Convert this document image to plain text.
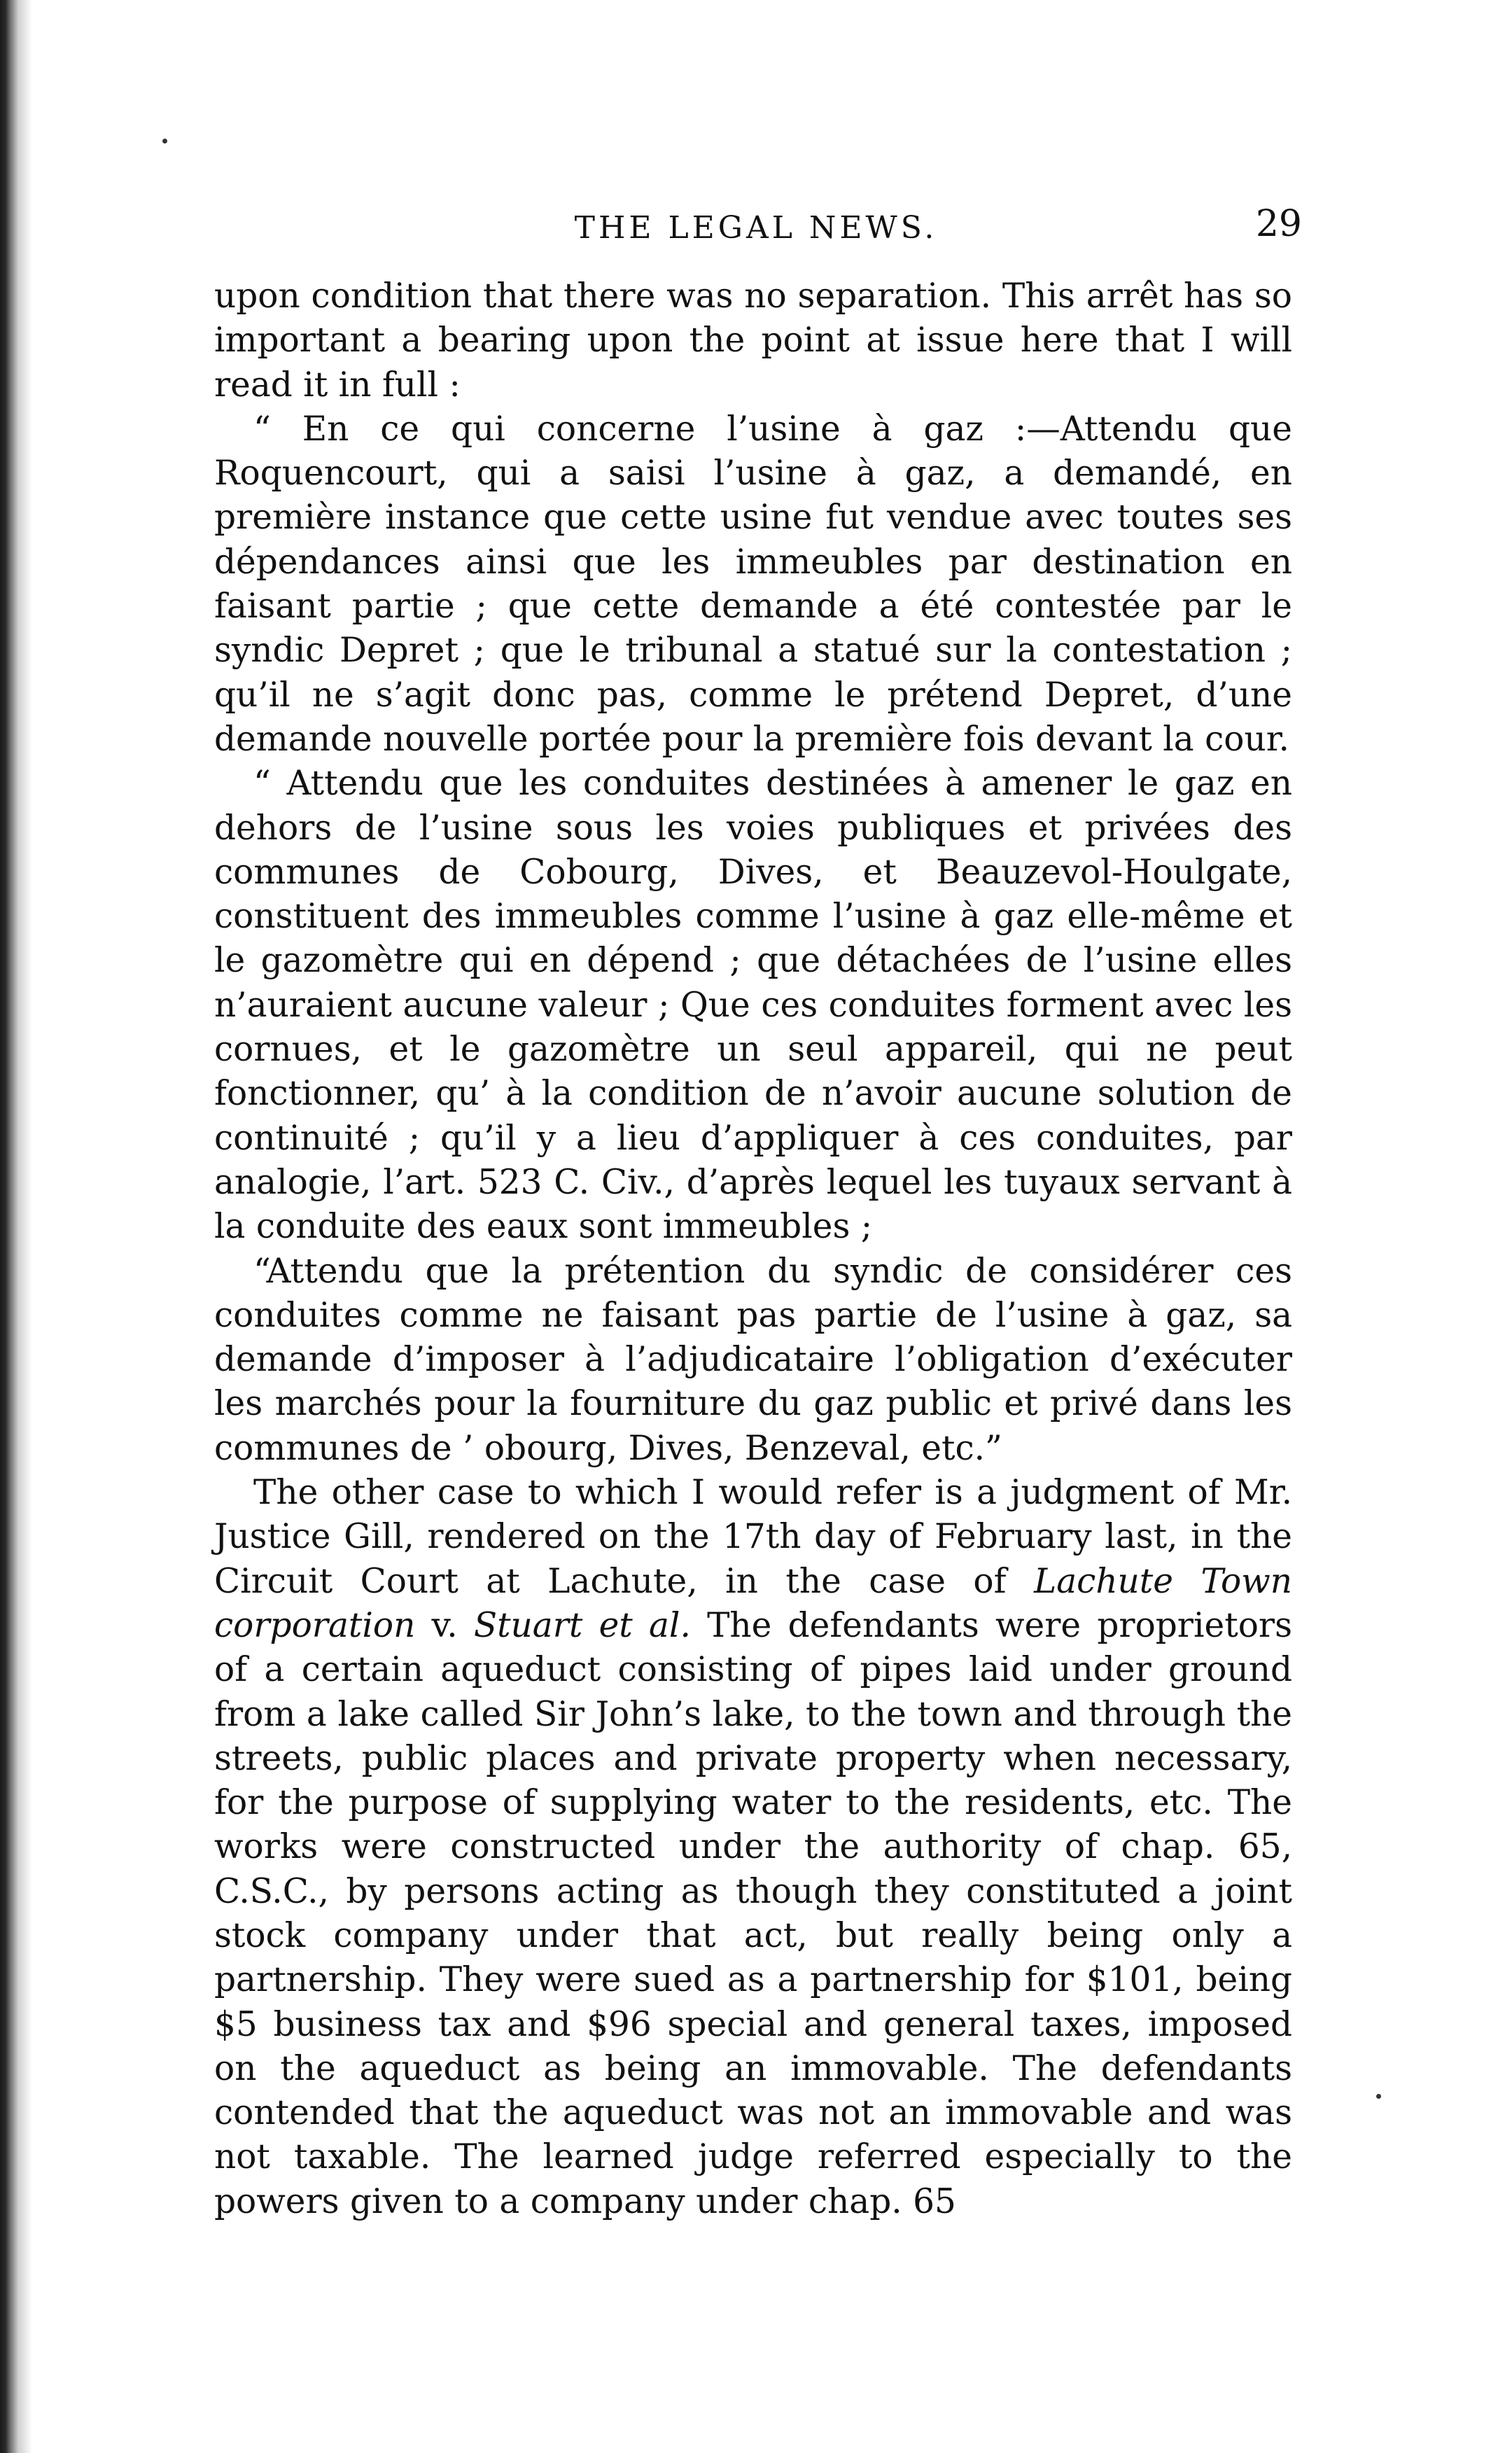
THE LEGAL NEWS.	29

upon condition that there was no separation. This arrêt has so important a bearing upon the point at issue here that I will read it in full :

“ En ce qui concerne l’usine à gaz :—Attendu que Roquencourt, qui a saisi l’usine à gaz, a demandé, en première instance que cette usine fut vendue avec toutes ses dépendances ainsi que les immeubles par destination en faisant partie ; que cette demande a été contestée par le syndic Depret ; que le tribunal a statué sur la contestation ; qu’il ne s’agit donc pas, comme le prétend Depret, d’une demande nouvelle portée pour la première fois devant la cour.

“ Attendu que les conduites destinées à amener le gaz en dehors de l’usine sous les voies publiques et privées des communes de Cobourg, Dives, et Beauzevol-Houlgate, constituent des immeubles comme l’usine à gaz elle-même et le gazomètre qui en dépend ; que détachées de l’usine elles n’auraient aucune valeur ; Que ces conduites forment avec les cornues, et le gazomètre un seul appareil, qui ne peut fonctionner, qu’ à la condition de n’avoir aucune solution de continuité ; qu’il y a lieu d’appliquer à ces conduites, par analogie, l’art. 523 C. Civ., d’après lequel les tuyaux servant à la conduite des eaux sont immeubles ;

“Attendu que la prétention du syndic de considérer ces conduites comme ne faisant pas partie de l’usine à gaz, sa demande d’imposer à l’adjudicataire l’obligation d’exécuter les marchés pour la fourniture du gaz public et privé dans les communes de ’ obourg, Dives, Benzeval, etc.”

The other case to which I would refer is a judgment of Mr. Justice Gill, rendered on the 17th day of February last, in the Circuit Court at Lachute, in the case of Lachute Town corporation v. Stuart et al. The defendants were proprietors of a certain aqueduct consisting of pipes laid under ground from a lake called Sir John’s lake, to the town and through the streets, public places and private property when necessary, for the purpose of supplying water to the residents, etc. The works were constructed under the authority of chap. 65, C.S.C., by persons acting as though they constituted a joint stock company under that act, but really being only a partnership. They were sued as a partnership for $101, being $5 business tax and $96 special and general taxes, imposed on the aqueduct as being an immovable. The defendants contended that the aqueduct was not an immovable and was not taxable. The learned judge referred especially to the powers given to a company under chap. 65
